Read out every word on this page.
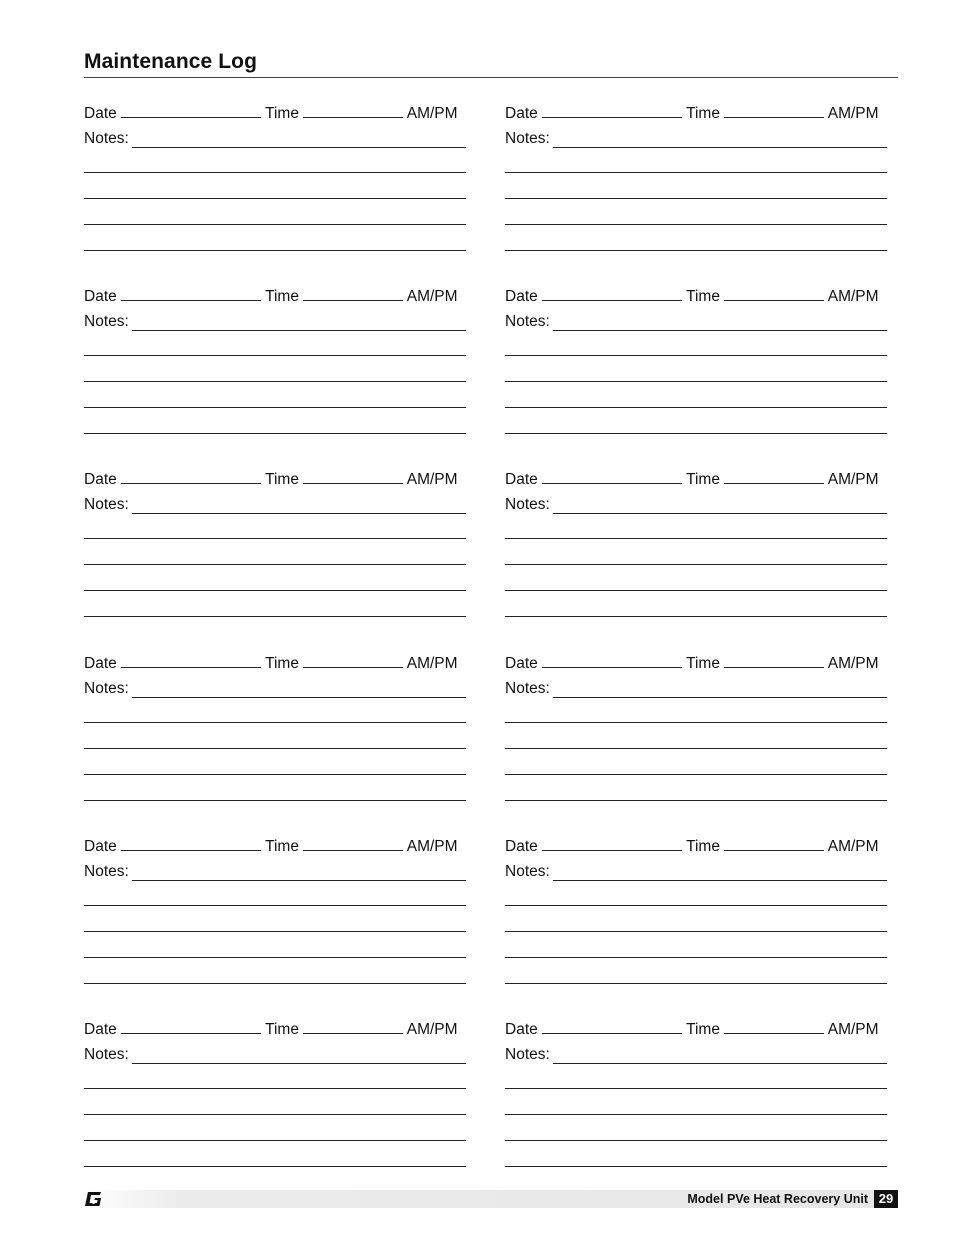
Maintenance Log
Date	Time	AM/PM
Notes:
Date	Time	AM/PM
Notes:
Date	Time	AM/PM
Notes:
Date	Time	AM/PM
Notes:
Date	Time	AM/PM
Notes:
Date	Time	AM/PM
Notes:
Date	Time	AM/PM
Notes:
Date	Time	AM/PM
Notes:
Date	Time	AM/PM
Notes:
Date	Time	AM/PM
Notes:
Date	Time	AM/PM
Notes:
Date	Time	AM/PM
Notes:
Model PVe Heat Recovery Unit 29
